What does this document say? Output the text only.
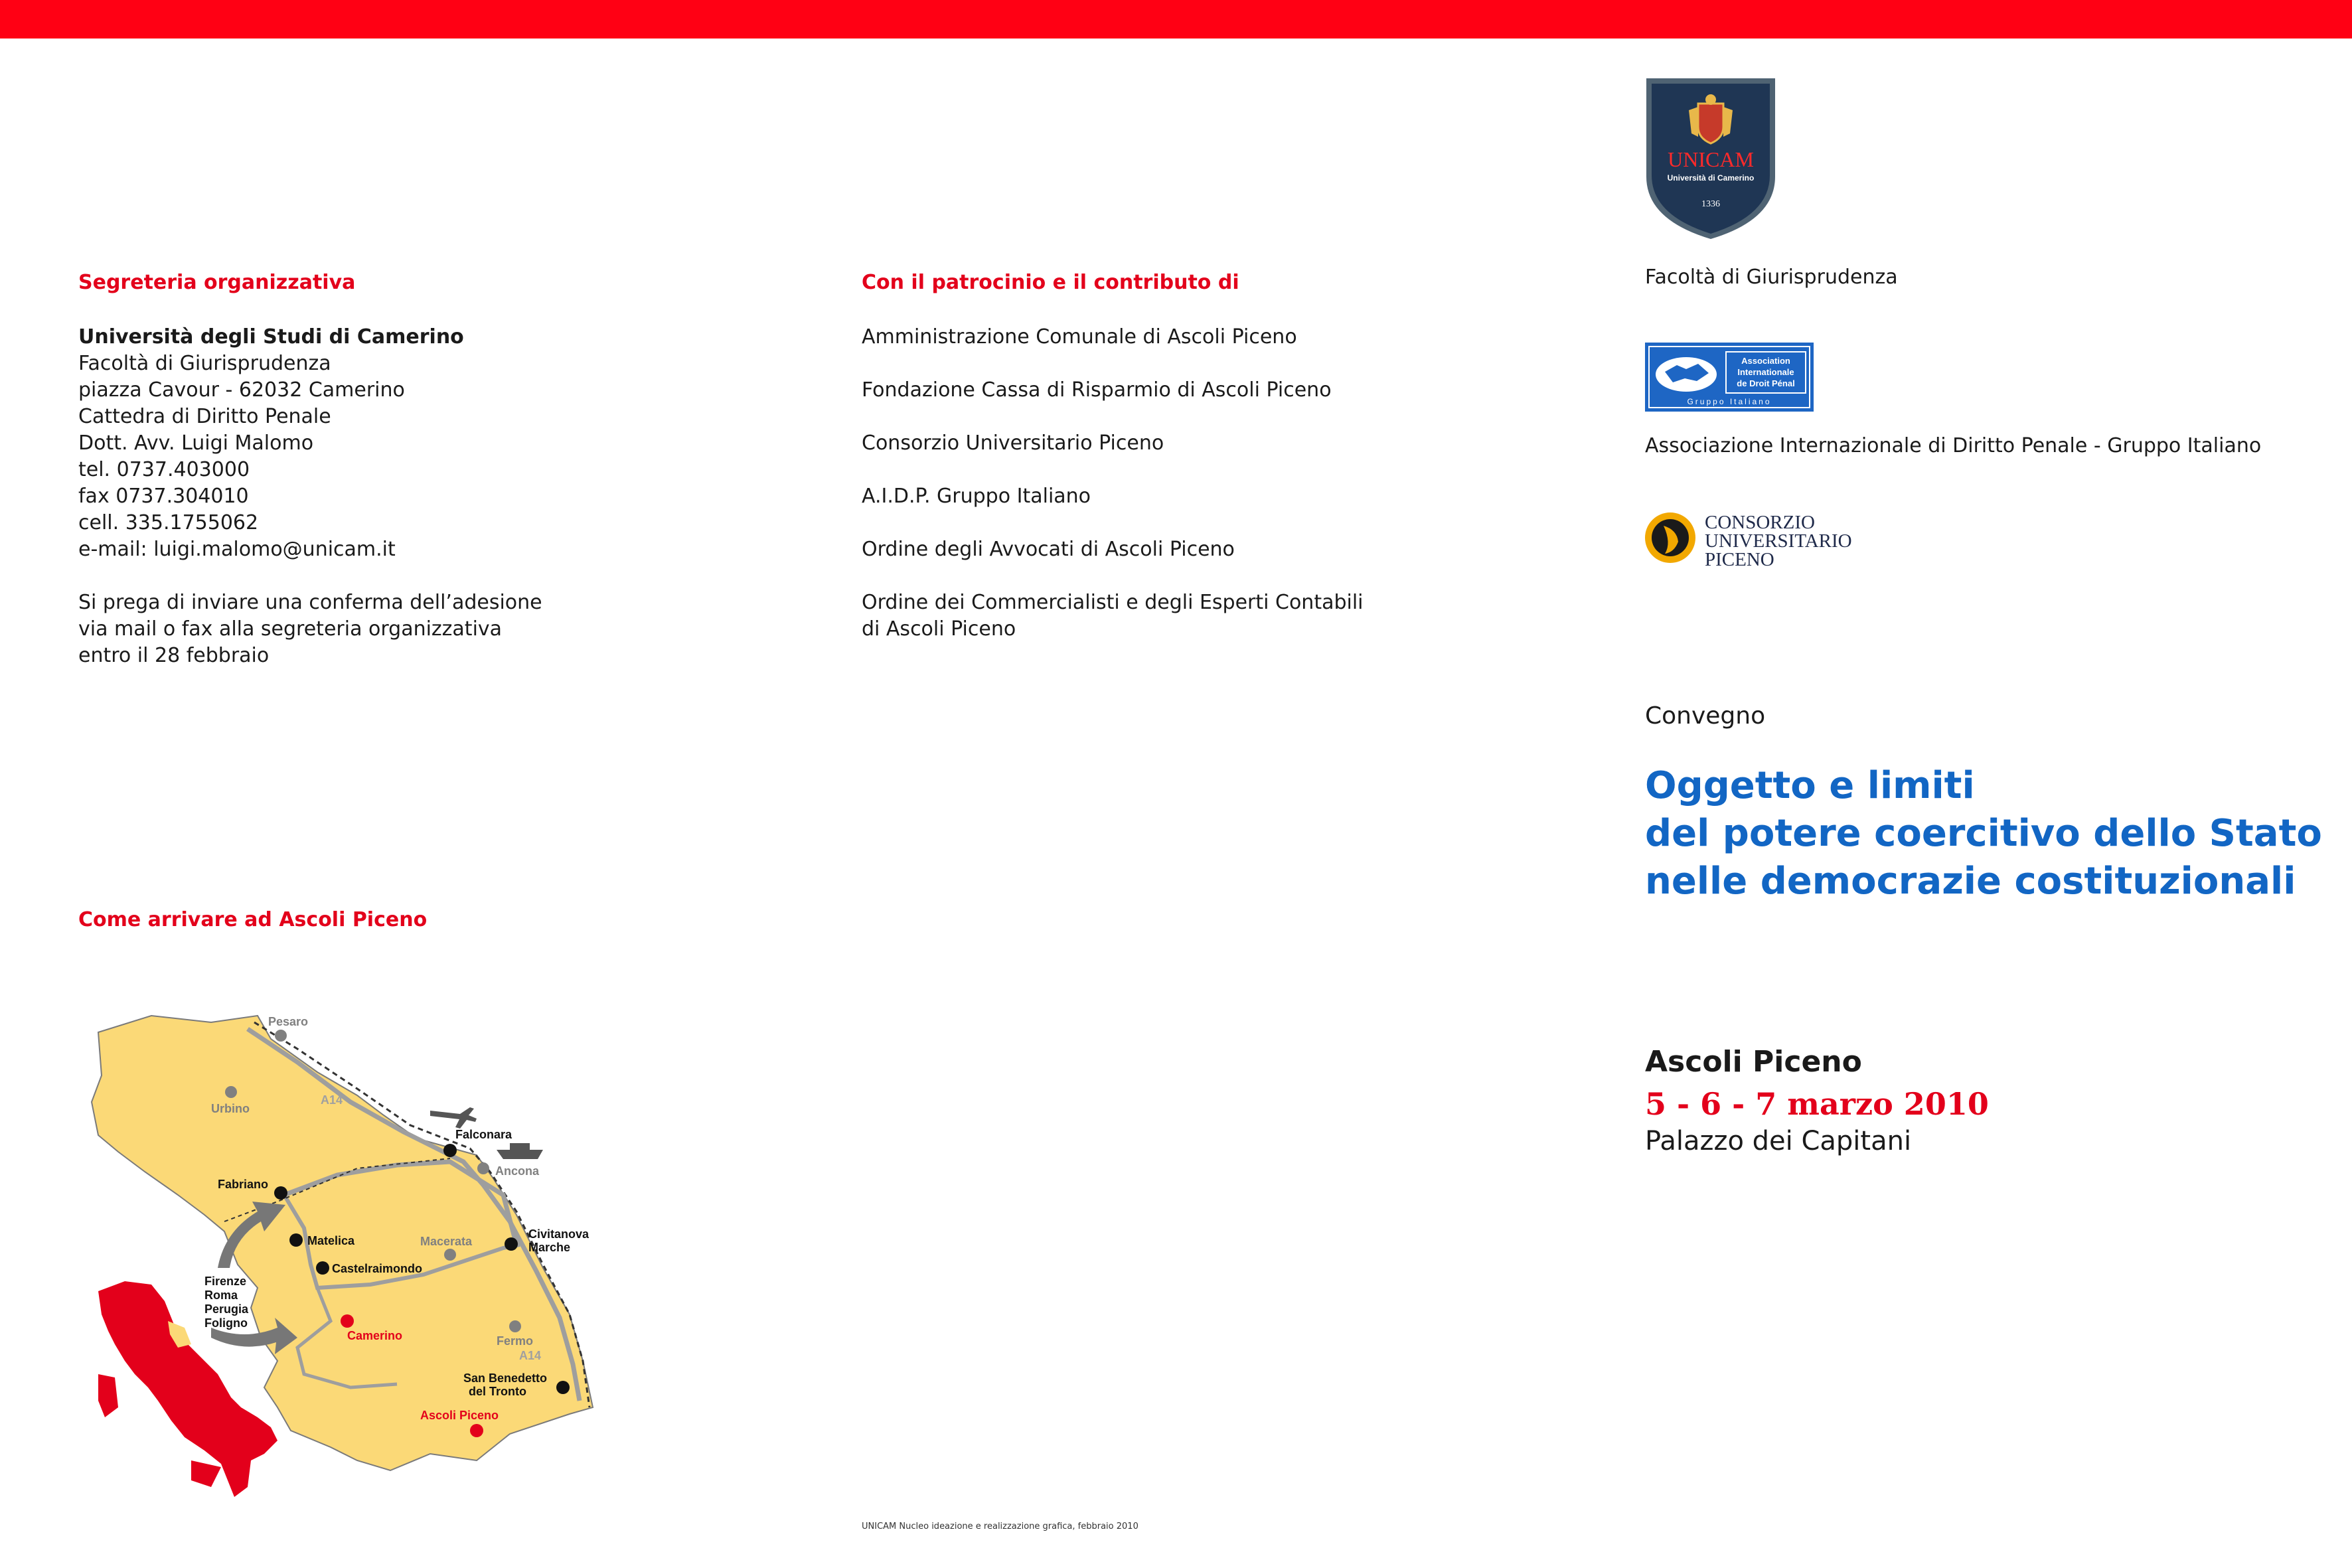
Segreteria organizzativa
Università degli Studi di Camerino
Facoltà di Giurisprudenza
piazza Cavour - 62032 Camerino
Cattedra di Diritto Penale
Dott. Avv. Luigi Malomo
tel. 0737.403000
fax 0737.304010
cell. 335.1755062
e-mail: luigi.malomo@unicam.it
Si prega di inviare una conferma dell’adesione
via mail o fax alla segreteria organizzativa
entro il 28 febbraio
Come arrivare ad Ascoli Piceno
Pesaro
Urbino
A14
Falconara
Ancona
Fabriano
Matelica	Macerata
Civitanova
Marche
Castelraimondo
Firenze
Roma
Perugia
Foligno
Camerino	Fermo
A14
San Benedetto
del Tronto
Ascoli Piceno
Con il patrocinio e il contributo di
Amministrazione Comunale di Ascoli Piceno
Fondazione Cassa di Risparmio di Ascoli Piceno
Consorzio Universitario Piceno
A.I.D.P. Gruppo Italiano
Ordine degli Avvocati di Ascoli Piceno
Ordine dei Commercialisti e degli Esperti Contabili
di Ascoli Piceno
UNICAM Nucleo ideazione e realizzazione grafica, febbraio 2010
UNICAM
Università di Camerino
1336
Facoltà di Giurisprudenza
Association
Internationale
de Droit Pénal
Gruppo Italiano
Associazione Internazionale di Diritto Penale - Gruppo Italiano
CONSORZIO
UNIVERSITARIO
PICENO
Convegno
Oggetto e limiti
del potere coercitivo dello Stato
nelle democrazie costituzionali
Ascoli Piceno
5 - 6 - 7 marzo 2010
Palazzo dei Capitani
